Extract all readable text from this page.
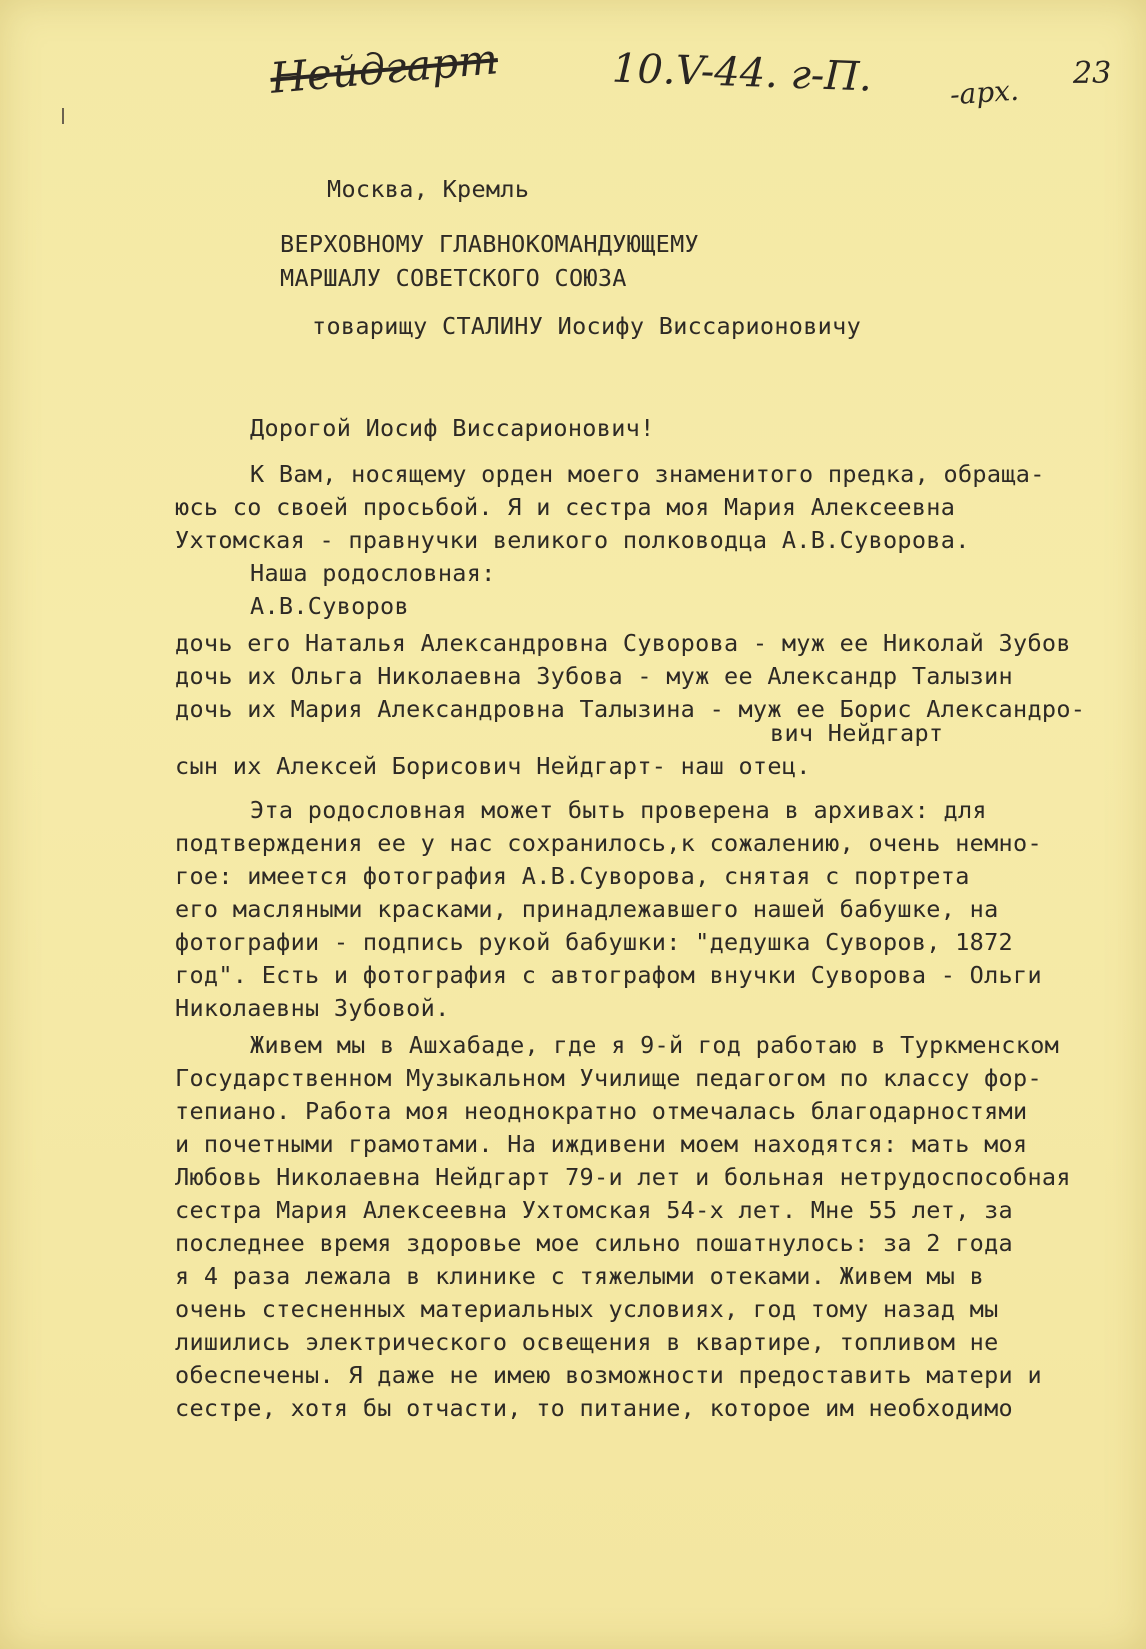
Нейдгарт	10.V-44. г-П.	-арх.
23
Москва, Кремль
ВЕРХОВНОМУ ГЛАВНОКОМАНДУЮЩЕМУ
МАРШАЛУ СОВЕТСКОГО СОЮЗА
товарищу СТАЛИНУ Иосифу Виссарионовичу
Дорогой Иосиф Виссарионович!
К Вам, носящему орден моего знаменитого предка, обраща-
юсь со своей просьбой. Я и сестра моя Мария Алексеевна
Ухтомская - правнучки великого полководца А.В.Суворова.
Наша родословная:
А.В.Суворов
дочь его Наталья Александровна Суворова - муж ее Николай Зубов
дочь их Ольга Николаевна Зубова - муж ее Александр Талызин
дочь их Мария Александровна Талызина - муж ее Борис Александро-
вич Нейдгарт
сын их Алексей Борисович Нейдгарт- наш отец.
Эта родословная может быть проверена в архивах: для
подтверждения ее у нас сохранилось,к сожалению, очень немно-
гое: имеется фотография А.В.Суворова, снятая с портрета
его масляными красками, принадлежавшего нашей бабушке, на
фотографии - подпись рукой бабушки: "дедушка Суворов, 1872
год". Есть и фотография с автографом внучки Суворова - Ольги
Николаевны Зубовой.
Живем мы в Ашхабаде, где я 9-й год работаю в Туркменском
Государственном Музыкальном Училище педагогом по классу фор-
тепиано. Работа моя неоднократно отмечалась благодарностями
и почетными грамотами. На иждивени моем находятся: мать моя
Любовь Николаевна Нейдгарт 79-и лет и больная нетрудоспособная
сестра Мария Алексеевна Ухтомская 54-х лет. Мне 55 лет, за
последнее время здоровье мое сильно пошатнулось: за 2 года
я 4 раза лежала в клинике с тяжелыми отеками. Живем мы в
очень стесненных материальных условиях, год тому назад мы
лишились электрического освещения в квартире, топливом не
обеспечены. Я даже не имею возможности предоставить матери и
сестре, хотя бы отчасти, то питание, которое им необходимо
